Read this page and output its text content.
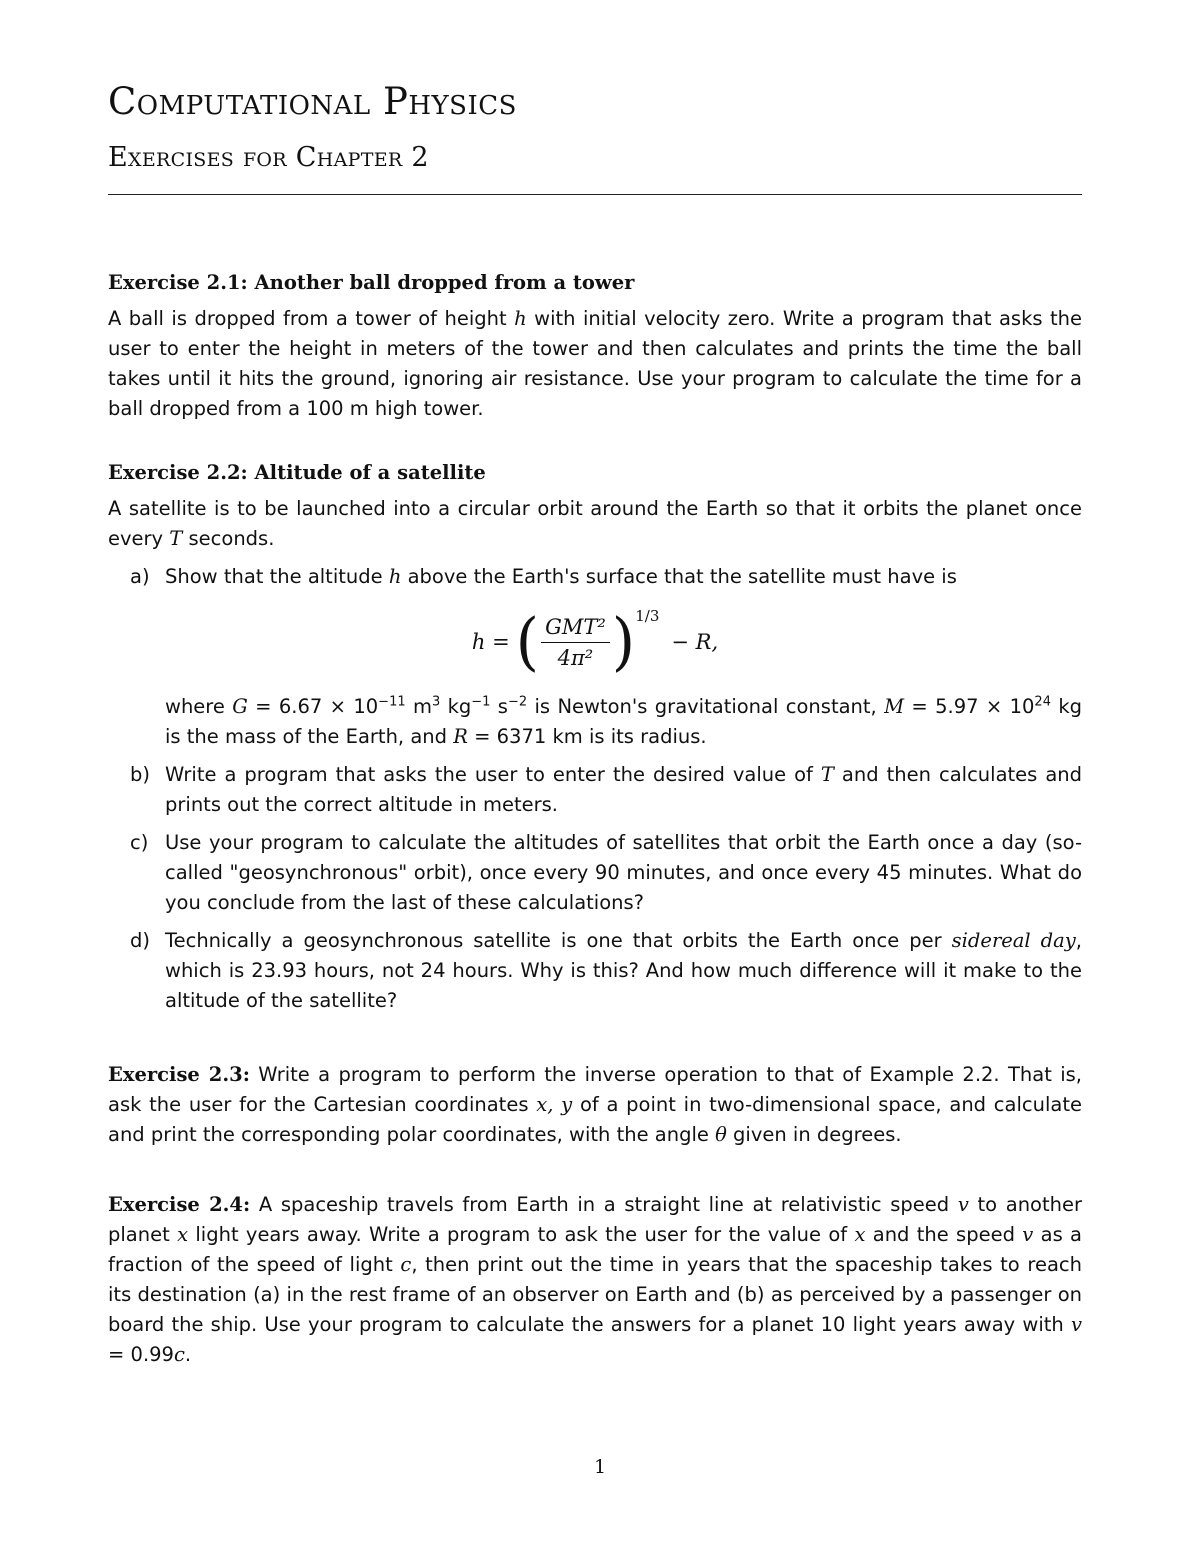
Computational Physics
Exercises for Chapter 2
Exercise 2.1: Another ball dropped from a tower

A ball is dropped from a tower of height h with initial velocity zero. Write a program that asks the user to enter the height in meters of the tower and then calculates and prints the time the ball takes until it hits the ground, ignoring air resistance. Use your program to calculate the time for a ball dropped from a 100 m high tower.

Exercise 2.2: Altitude of a satellite

A satellite is to be launched into a circular orbit around the Earth so that it orbits the planet once every T seconds.

a) Show that the altitude h above the Earth's surface that the satellite must have is

h = ( $\frac{\text{GMT²}}{\text{4π²}}$ ) 1/3
− R,

where $G = 6.67 \times 10^{-11}$ $m^3$ $kg^{-1}$ $s^{-2}$ is Newton's gravitational constant, $M = 5.97 \times 10^{24}$ kg is the mass of the Earth, and R = 6371 km is its radius.

b) Write a program that asks the user to enter the desired value of T and then calculates and prints out the correct altitude in meters.

c) Use your program to calculate the altitudes of satellites that orbit the Earth once a day (so-called "geosynchronous" orbit), once every 90 minutes, and once every 45 minutes. What do you conclude from the last of these calculations?

d) Technically a geosynchronous satellite is one that orbits the Earth once per sidereal day, which is 23.93 hours, not 24 hours. Why is this? And how much difference will it make to the altitude of the satellite?

Exercise 2.3: Write a program to perform the inverse operation to that of Example 2.2. That is, ask the user for the Cartesian coordinates x, y of a point in two-dimensional space, and calculate and print the corresponding polar coordinates, with the angle θ given in degrees.

Exercise 2.4: A spaceship travels from Earth in a straight line at relativistic speed v to another planet x light years away. Write a program to ask the user for the value of x and the speed v as a fraction of the speed of light c, then print out the time in years that the spaceship takes to reach its destination (a) in the rest frame of an observer on Earth and (b) as perceived by a passenger on board the ship. Use your program to calculate the answers for a planet 10 light years away with v = 0.99c.

1
